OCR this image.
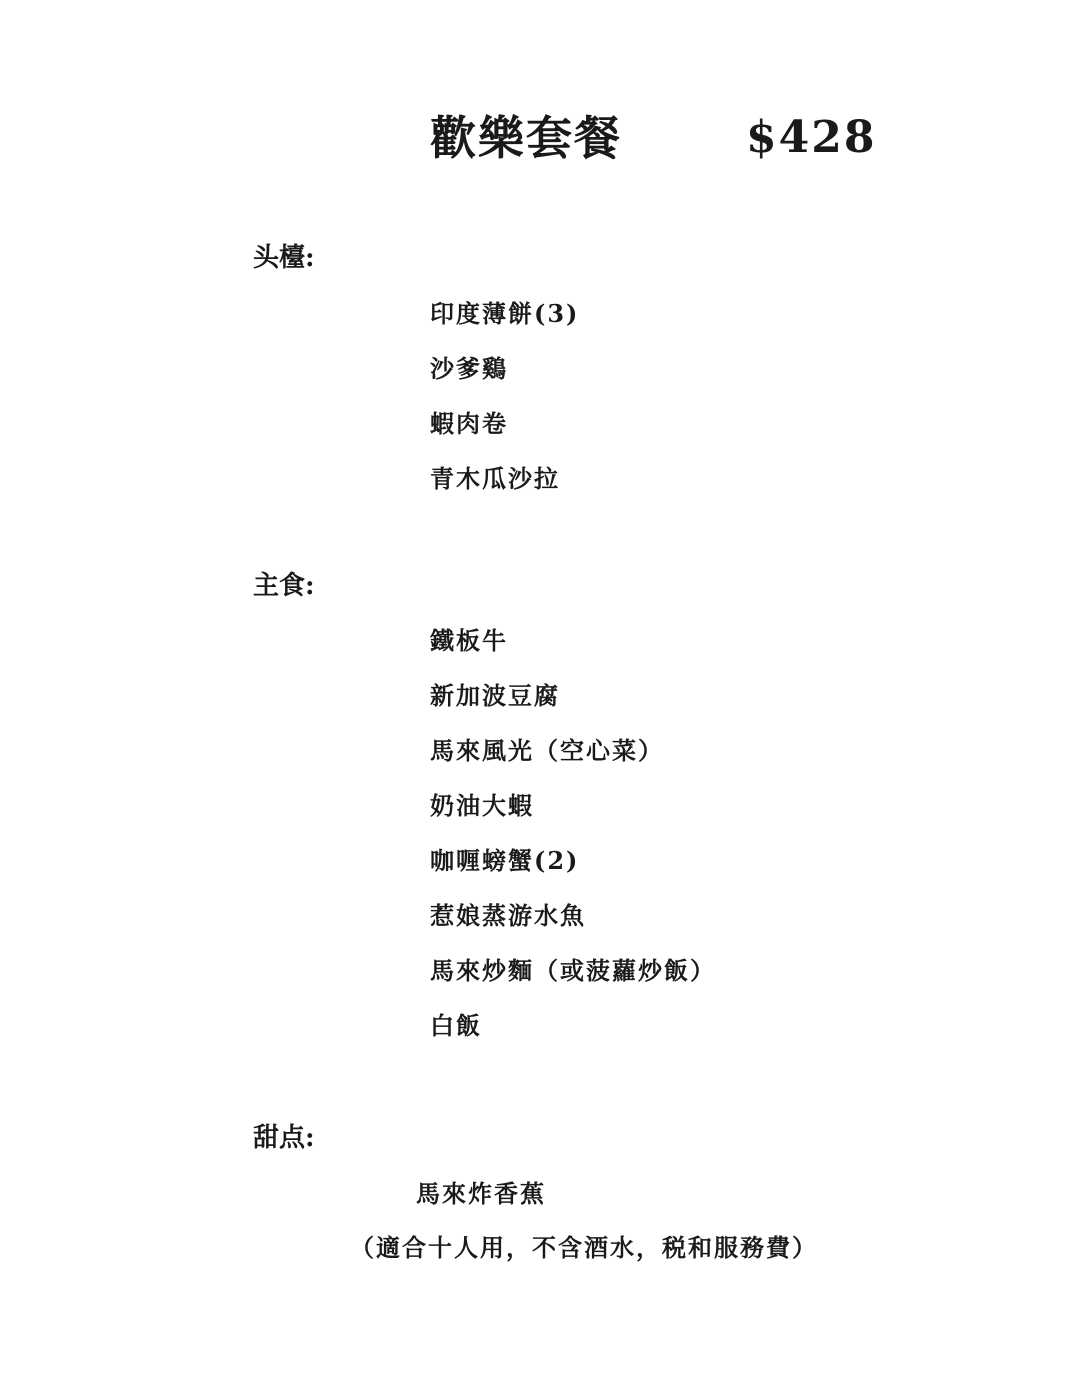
歡樂套餐	$428
头檯:
印度薄餅(3)
沙爹鷄
蝦肉卷
青木瓜沙拉
主食:
鐵板牛
新加波豆腐
馬來風光（空心菜）
奶油大蝦
咖喱螃蟹(2)
惹娘蒸游水魚
馬來炒麵（或菠蘿炒飯）
白飯
甜点:
馬來炸香蕉
（適合十人用，不含酒水，税和服務費）
